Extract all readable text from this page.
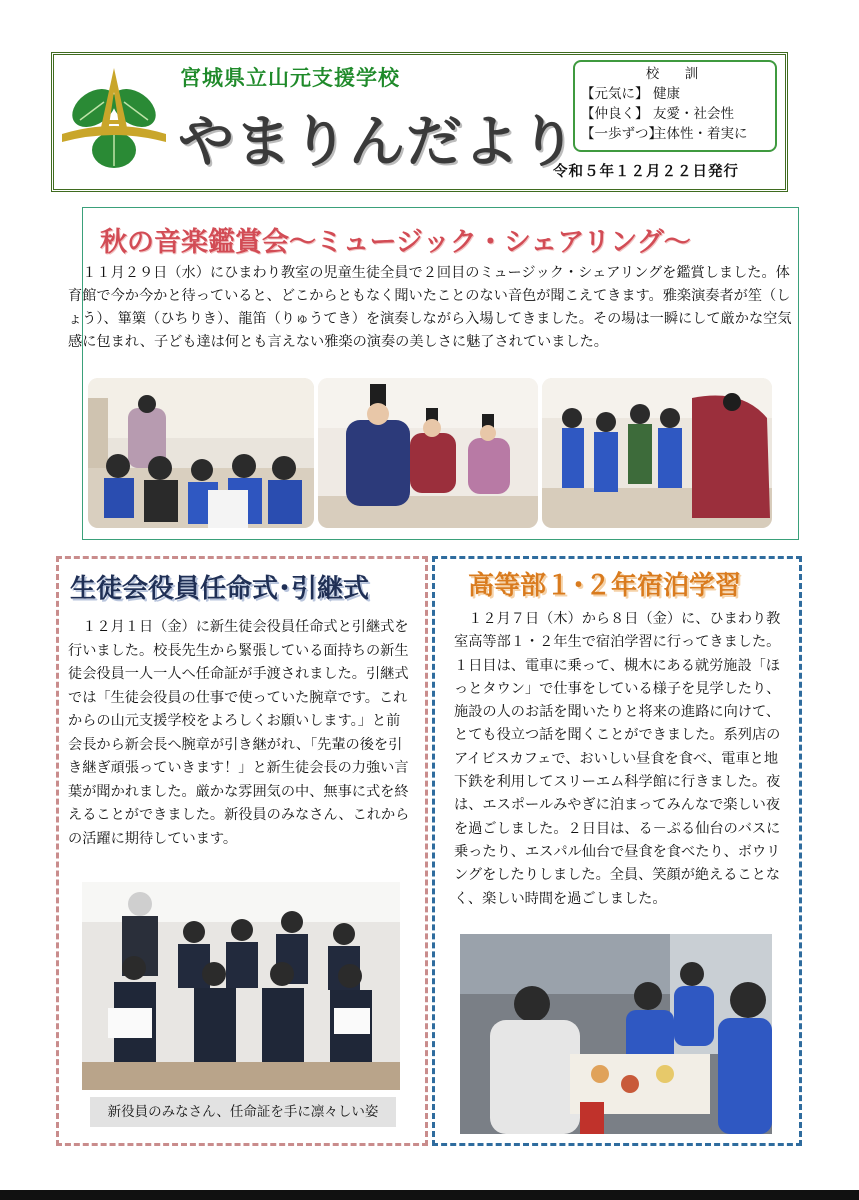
宮城県立山元支援学校
やまりんだより
校　訓
【元気に】 健康
【仲良く】 友愛・社会性
【一歩ずつ】
主体性・着実に
令和５年１２月２２日発行
秋の音楽鑑賞会～ミュージック・シェアリング～

１１月２９日（水）にひまわり教室の児童生徒全員で２回目のミュージック・シェアリングを鑑賞しました。体育館で今か今かと待っていると、どこからともなく聞いたことのない音色が聞こえてきます。雅楽演奏者が笙（しょう）、篳篥（ひちりき）、龍笛（りゅうてき）を演奏しながら入場してきました。その場は一瞬にして厳かな空気感に包まれ、子ども達は何とも言えない雅楽の演奏の美しさに魅了されていました。

生徒会役員任命式･引継式

１２月１日（金）に新生徒会役員任命式と引継式を行いました。校長先生から緊張している面持ちの新生徒会役員一人一人へ任命証が手渡されました。引継式では「生徒会役員の仕事で使っていた腕章です。これからの山元支援学校をよろしくお願いします。」と前会長から新会長へ腕章が引き継がれ、「先輩の後を引き継ぎ頑張っていきます！」と新生徒会長の力強い言葉が聞かれました。厳かな雰囲気の中、無事に式を終えることができました。新役員のみなさん、これからの活躍に期待しています。

新役員のみなさん、任命証を手に凛々しい姿
高等部１･２年宿泊学習

１２月７日（木）から８日（金）に、ひまわり教室高等部１・２年生で宿泊学習に行ってきました。１日目は、電車に乗って、槻木にある就労施設「ほっとタウン」で仕事をしている様子を見学したり、施設の人のお話を聞いたりと将来の進路に向けて、とても役立つ話を聞くことができました。系列店のアイビスカフェで、おいしい昼食を食べ、電車と地下鉄を利用してスリーエム科学館に行きました。夜は、エスポールみやぎに泊まってみんなで楽しい夜を過ごしました。２日目は、る－ぷる仙台のバスに乗ったり、エスパル仙台で昼食を食べたり、ボウリングをしたりしました。全員、笑顔が絶えることなく、楽しい時間を過ごしました。
